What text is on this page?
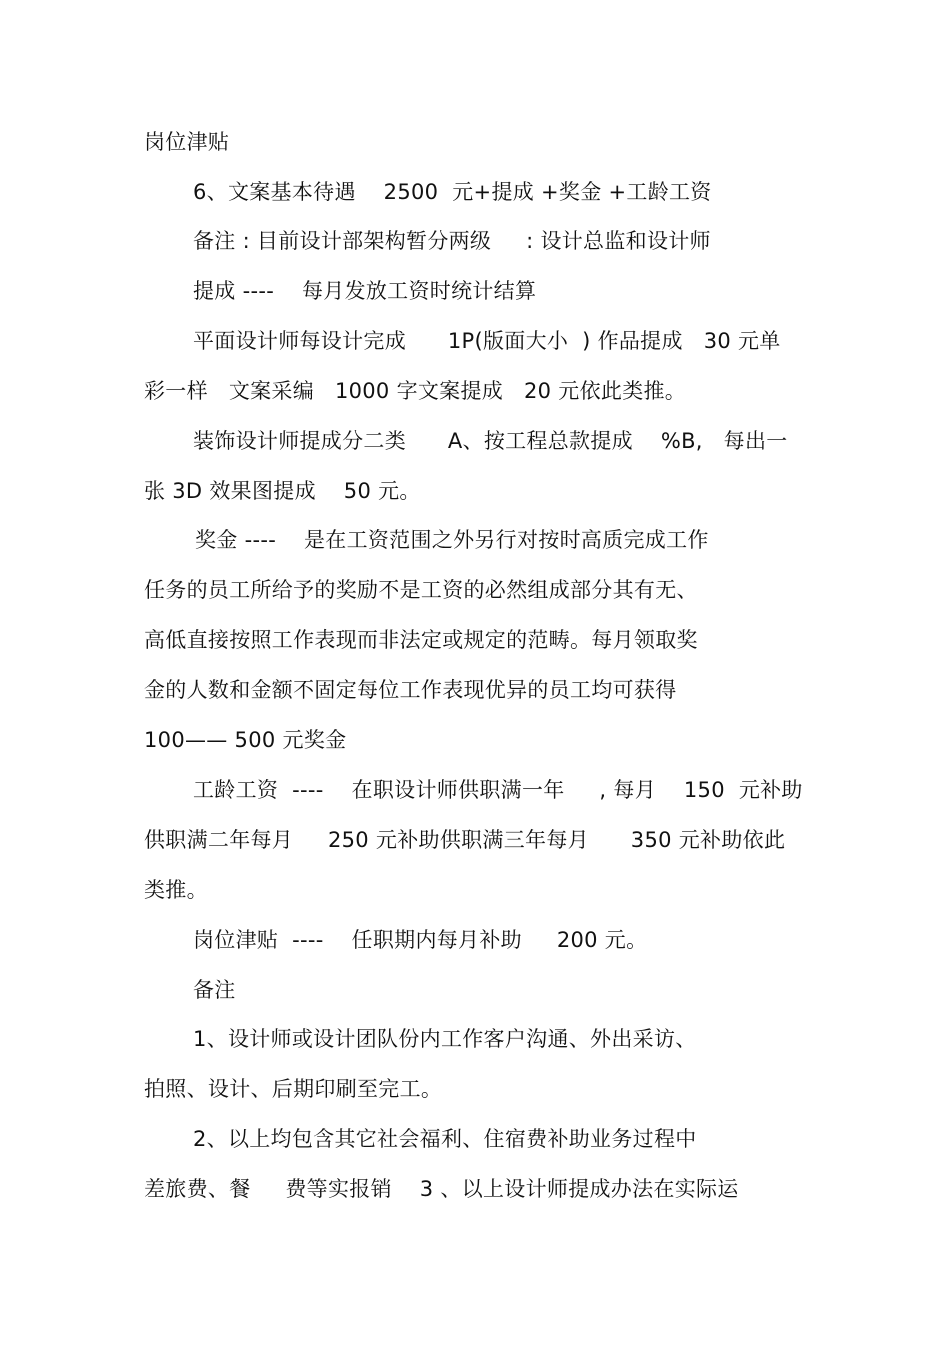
岗位津贴
6、文案基本待遇    2500  元+提成 +奖金 +工龄工资
备注 : 目前设计部架构暂分两级     : 设计总监和设计师
提成 ----    每月发放工资时统计结算
平面设计师每设计完成      1P(版面大小  ) 作品提成   30 元单
彩一样   文案采编   1000 字文案提成   20 元依此类推。
装饰设计师提成分二类      A、按工程总款提成    %B,   每出一
张 3D 效果图提成    50 元。
奖金 ----    是在工资范围之外另行对按时高质完成工作
任务的员工所给予的奖励不是工资的必然组成部分其有无、
高低直接按照工作表现而非法定或规定的范畴。每月领取奖
金的人数和金额不固定每位工作表现优异的员工均可获得
100—— 500 元奖金
工龄工资  ----    在职设计师供职满一年     , 每月    150  元补助
供职满二年每月     250 元补助供职满三年每月      350 元补助依此
类推。
岗位津贴  ----    任职期内每月补助     200 元。
备注
1、设计师或设计团队份内工作客户沟通、外出采访、
拍照、设计、后期印刷至完工。
2、以上均包含其它社会福利、住宿费补助业务过程中
差旅费、餐     费等实报销    3 、以上设计师提成办法在实际运
